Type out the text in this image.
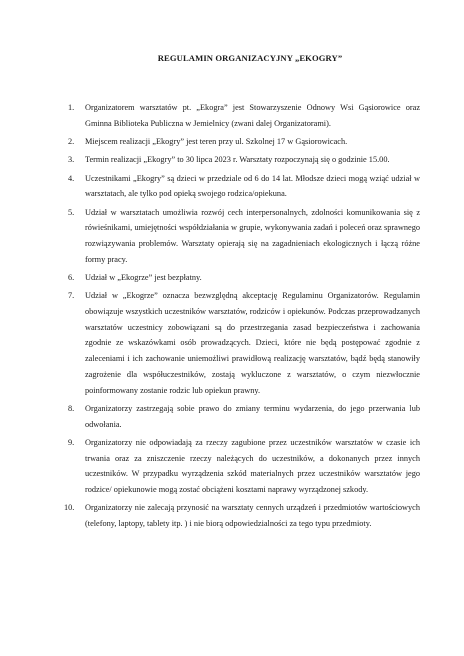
REGULAMIN ORGANIZACYJNY „EKOGRY”
1.	Organizatorem warsztatów pt. „Ekogra” jest Stowarzyszenie Odnowy Wsi Gąsiorowice oraz Gminna Biblioteka Publiczna w Jemielnicy (zwani dalej Organizatorami).
2.	Miejscem realizacji „Ekogry” jest teren przy ul. Szkolnej 17 w Gąsiorowicach.
3.	Termin realizacji „Ekogry” to 30 lipca 2023 r. Warsztaty rozpoczynają się o godzinie 15.00.
4.	Uczestnikami „Ekogry” są dzieci w przedziale od 6 do 14 lat. Młodsze dzieci mogą wziąć udział w warsztatach, ale tylko pod opieką swojego rodzica/opiekuna.
5.	Udział w warsztatach umożliwia rozwój cech interpersonalnych, zdolności komunikowania się z rówieśnikami, umiejętności współdziałania w grupie, wykonywania zadań i poleceń oraz sprawnego rozwiązywania problemów. Warsztaty opierają się na zagadnieniach ekologicznych i łączą różne formy pracy.
6.	Udział w „Ekogrze” jest bezpłatny.
7.	Udział w „Ekogrze” oznacza bezwzględną akceptację Regulaminu Organizatorów. Regulamin obowiązuje wszystkich uczestników warsztatów, rodziców i opiekunów. Podczas przeprowadzanych warsztatów uczestnicy zobowiązani są do przestrzegania zasad bezpieczeństwa i zachowania zgodnie ze wskazówkami osób prowadzących. Dzieci, które nie będą postępować zgodnie z zaleceniami i ich zachowanie uniemożliwi prawidłową realizację warsztatów, bądź będą stanowiły zagrożenie dla współuczestników, zostają wykluczone z warsztatów, o czym niezwłocznie poinformowany zostanie rodzic lub opiekun prawny.
8.	Organizatorzy zastrzegają sobie prawo do zmiany terminu wydarzenia, do jego przerwania lub odwołania.
9.	Organizatorzy nie odpowiadają za rzeczy zagubione przez uczestników warsztatów w czasie ich trwania oraz za zniszczenie rzeczy należących do uczestników, a dokonanych przez innych uczestników. W przypadku wyrządzenia szkód materialnych przez uczestników warsztatów jego rodzice/ opiekunowie mogą zostać obciążeni kosztami naprawy wyrządzonej szkody.
10.	Organizatorzy nie zalecają przynosić na warsztaty cennych urządzeń i przedmiotów wartościowych (telefony, laptopy, tablety itp. ) i nie biorą odpowiedzialności za tego typu przedmioty.
